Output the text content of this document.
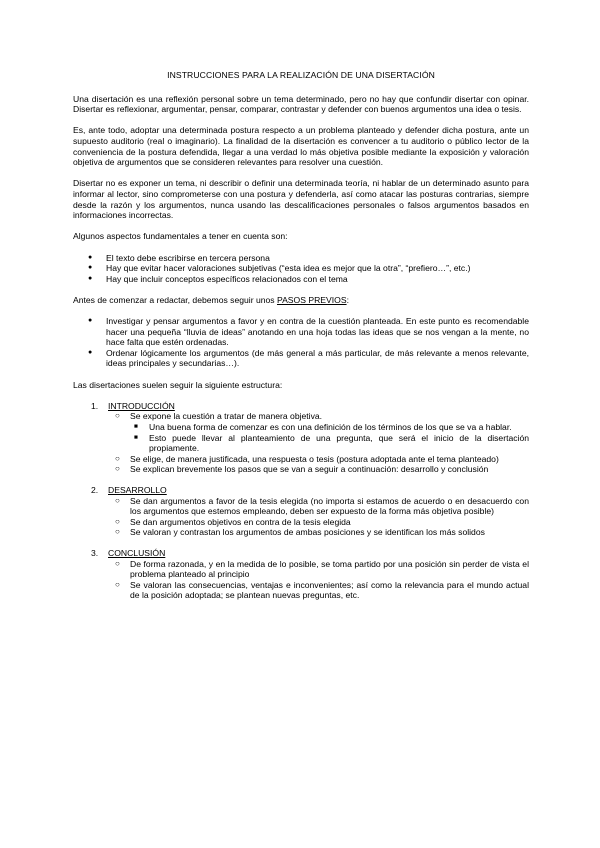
INSTRUCCIONES PARA LA REALIZACIÓN DE UNA DISERTACIÓN

Una disertación es una reflexión personal sobre un tema determinado, pero no hay que confundir disertar con opinar. Disertar es reflexionar, argumentar, pensar, comparar, contrastar y defender con buenos argumentos una idea o tesis.

Es, ante todo, adoptar una determinada postura respecto a un problema planteado y defender dicha postura, ante un supuesto auditorio (real o imaginario). La finalidad de la disertación es convencer a tu auditorio o público lector de la conveniencia de la postura defendida, llegar a una verdad lo más objetiva posible mediante la exposición y valoración objetiva de argumentos que se consideren relevantes para resolver una cuestión.

Disertar no es exponer un tema, ni describir o definir una determinada teoría, ni hablar de un determinado asunto para informar al lector, sino comprometerse con una postura y defenderla, así como atacar las posturas contrarias, siempre desde la razón y los argumentos, nunca usando las descalificaciones personales o falsos argumentos basados en informaciones incorrectas.

Algunos aspectos fundamentales a tener en cuenta son:

● El texto debe escribirse en tercera persona
● Hay que evitar hacer valoraciones subjetivas (“esta idea es mejor que la otra”, “prefiero…”, etc.)
● Hay que incluir conceptos específicos relacionados con el tema

Antes de comenzar a redactar, debemos seguir unos PASOS PREVIOS:

● Investigar y pensar argumentos a favor y en contra de la cuestión planteada. En este punto es recomendable hacer una pequeña “lluvia de ideas” anotando en una hoja todas las ideas que se nos vengan a la mente, no hace falta que estén ordenadas.
● Ordenar lógicamente los argumentos (de más general a más particular, de más relevante a menos relevante, ideas principales y secundarias…).

Las disertaciones suelen seguir la siguiente estructura:

1. INTRODUCCIÓN
○ Se expone la cuestión a tratar de manera objetiva.
■ Una buena forma de comenzar es con una definición de los términos de los que se va a hablar.
■ Esto puede llevar al planteamiento de una pregunta, que será el inicio de la disertación propiamente.
○ Se elige, de manera justificada, una respuesta o tesis (postura adoptada ante el tema planteado)
○ Se explican brevemente los pasos que se van a seguir a continuación: desarrollo y conclusión
2. DESARROLLO
○ Se dan argumentos a favor de la tesis elegida (no importa si estamos de acuerdo o en desacuerdo con los argumentos que estemos empleando, deben ser expuesto de la forma más objetiva posible)
○ Se dan argumentos objetivos en contra de la tesis elegida
○ Se valoran y contrastan los argumentos de ambas posiciones y se identifican los más solidos
3. CONCLUSIÓN
○ De forma razonada, y en la medida de lo posible, se toma partido por una posición sin perder de vista el problema planteado al principio
○ Se valoran las consecuencias, ventajas e inconvenientes; así como la relevancia para el mundo actual de la posición adoptada; se plantean nuevas preguntas, etc.
